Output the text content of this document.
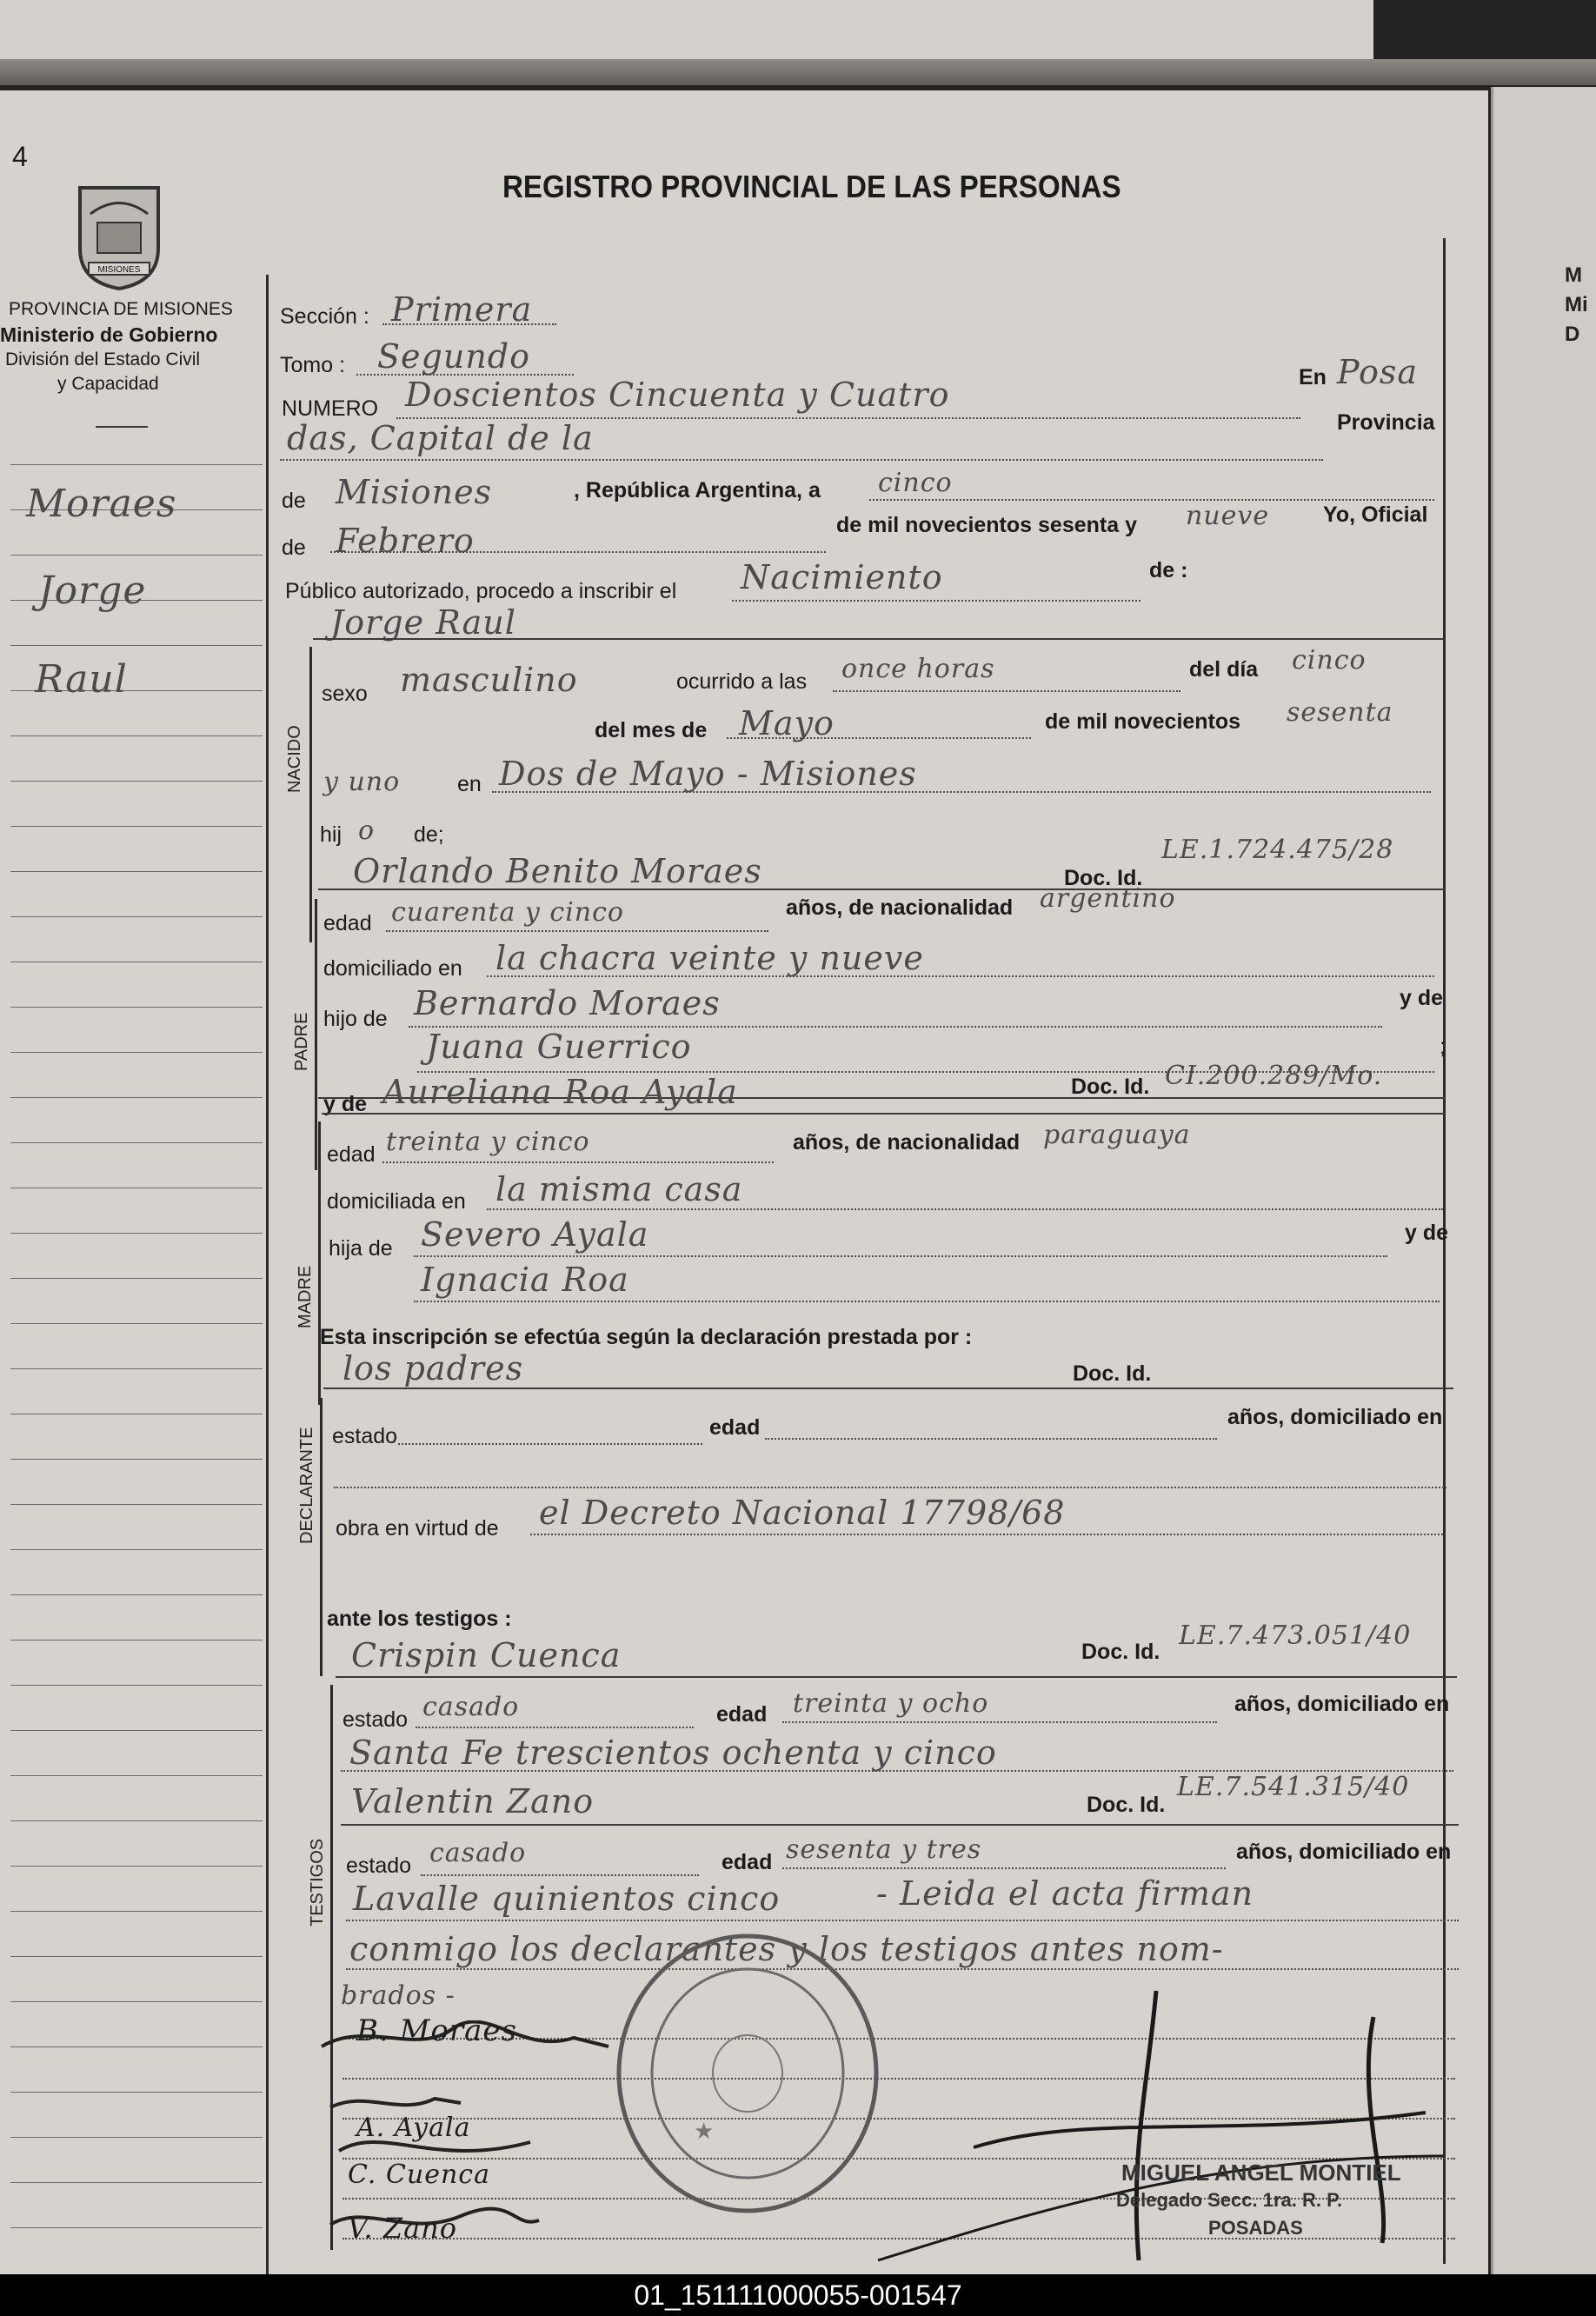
M
Mi
D
4
MISIONES
PROVINCIA DE MISIONES
Ministerio de Gobierno
División del Estado Civil
y Capacidad
REGISTRO PROVINCIAL DE LAS PERSONAS
Moraes
Jorge
Raul
Sección : Primera
Tomo : Segundo
NUMERO Doscientos Cincuenta y Cuatro	En Posa
das, Capital de la	Provincia
de Misiones	, República Argentina, a cinco
de Febrero	de mil novecientos sesenta y nueve Yo, Oficial
Público autorizado, procedo a inscribir el Nacimiento	de :
Jorge Raul
NACIDO
sexo masculino	ocurrido a las once horas	del día cinco
del mes de Mayo	de mil novecientos sesenta
y uno	en Dos de Mayo - Misiones
hij o de;
Orlando Benito Moraes	Doc. Id.
LE.1.724.475/28
PADRE
edad cuarenta y cinco	años, de nacionalidad argentino
domiciliado en la chacra veinte y nueve
hijo de Bernardo Moraes	y de
Juana Guerrico	;
y de Aureliana Roa Ayala	Doc. Id. CI.200.289/Mo.
MADRE
edad treinta y cinco	años, de nacionalidad paraguaya
domiciliada en la misma casa
hija de Severo Ayala	y de
Ignacia Roa
Esta inscripción se efectúa según la declaración prestada por :
los padres	Doc. Id.
DECLARANTE estado	edad	años, domiciliado en
obra en virtud de el Decreto Nacional 17798/68
ante los testigos :
Crispin Cuenca	Doc. Id.
LE.7.473.051/40
TESTIGOS
estado casado	edad treinta y ocho	años, domiciliado en
Santa Fe trescientos ochenta y cinco
Valentin Zano	Doc. Id.
LE.7.541.315/40
estado casado	edad sesenta y tres	años, domiciliado en
Lavalle quinientos cinco	- Leida el acta firman
conmigo los declarantes y los testigos antes nom-
brados -
★
B. Moraes
A. Ayala
C. Cuenca
V. Zano
MIGUEL ANGEL MONTIEL
Delegado Secc. 1ra. R. P.
POSADAS
01_151111000055-001547
